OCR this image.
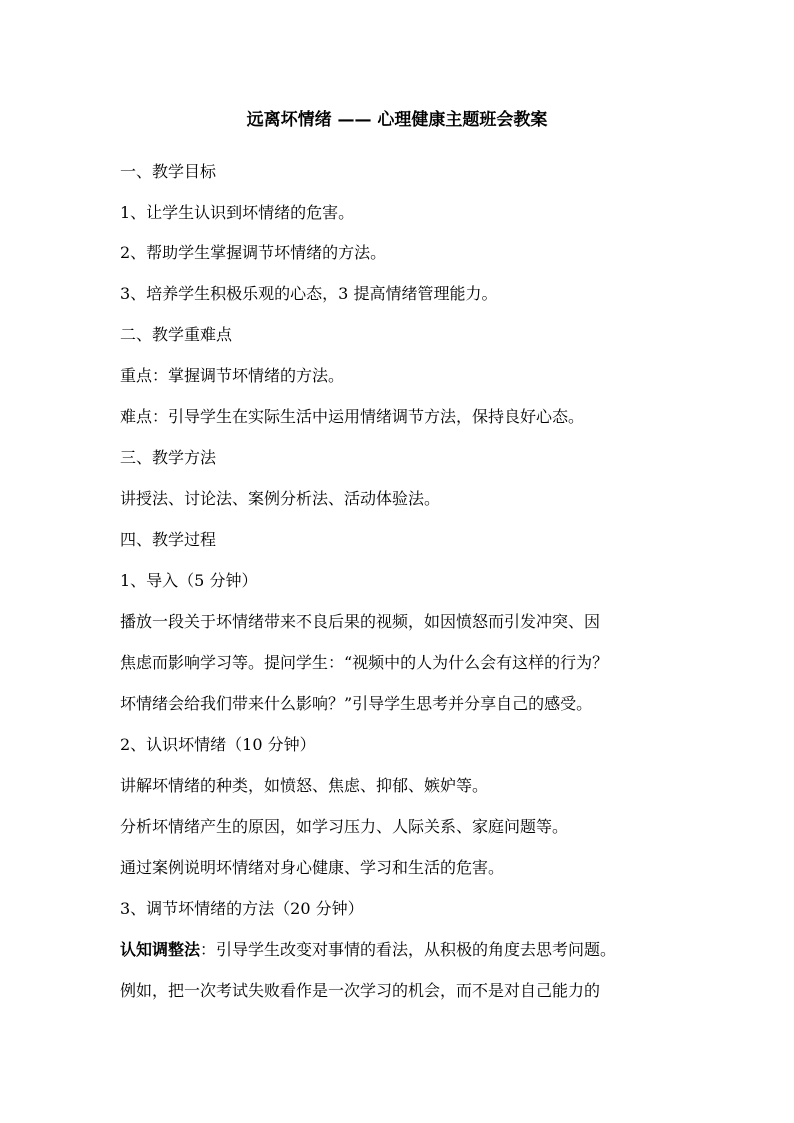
远离坏情绪 —— 心理健康主题班会教案
一、教学目标
1、让学生认识到坏情绪的危害。
2、帮助学生掌握调节坏情绪的方法。
3、培养学生积极乐观的心态，3 提高情绪管理能力。
二、教学重难点
重点：掌握调节坏情绪的方法。
难点：引导学生在实际生活中运用情绪调节方法，保持良好心态。
三、教学方法
讲授法、讨论法、案例分析法、活动体验法。
四、教学过程
1、导入（5 分钟）
播放一段关于坏情绪带来不良后果的视频，如因愤怒而引发冲突、因
焦虑而影响学习等。提问学生：“视频中的人为什么会有这样的行为？
坏情绪会给我们带来什么影响？”引导学生思考并分享自己的感受。
2、认识坏情绪（10 分钟）
讲解坏情绪的种类，如愤怒、焦虑、抑郁、嫉妒等。
分析坏情绪产生的原因，如学习压力、人际关系、家庭问题等。
通过案例说明坏情绪对身心健康、学习和生活的危害。
3、调节坏情绪的方法（20 分钟）
认知调整法：引导学生改变对事情的看法，从积极的角度去思考问题。
例如，把一次考试失败看作是一次学习的机会，而不是对自己能力的
